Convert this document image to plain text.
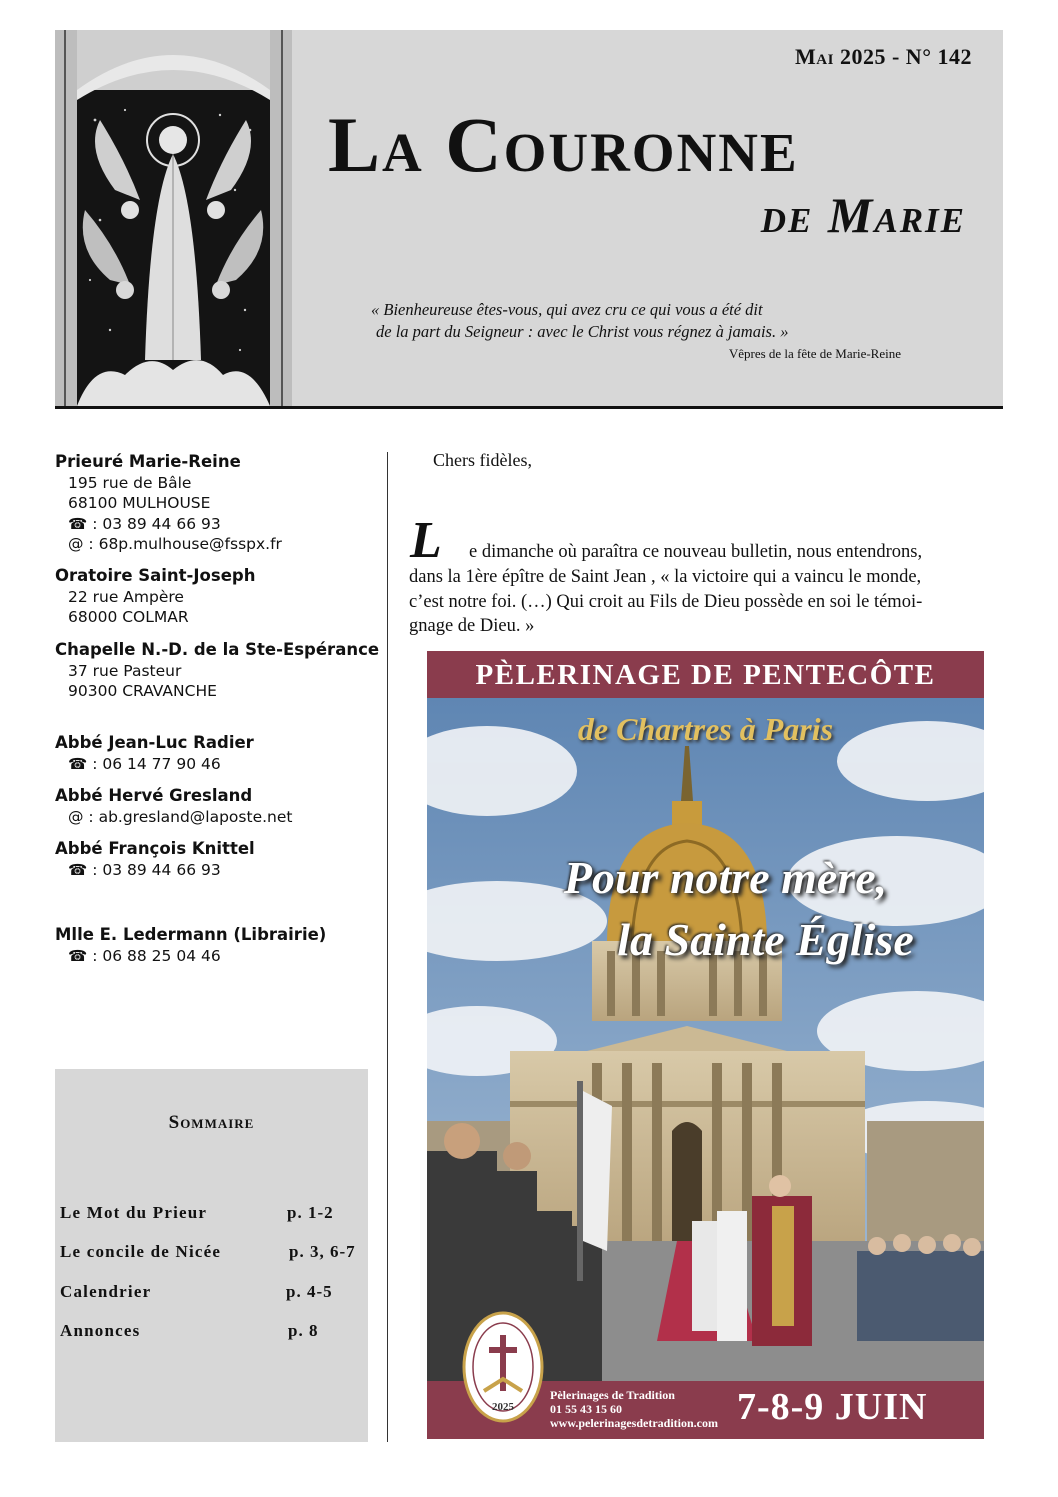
Mai 2025 - N° 142
La Couronne
de Marie
« Bienheureuse êtes-vous, qui avez cru ce qui vous a été dit
de la part du Seigneur : avec le Christ vous régnez à jamais. »
Vêpres de la fête de Marie-Reine
Prieuré Marie-Reine
195 rue de Bâle
68100 MULHOUSE
☎ : 03 89 44 66 93
@ : 68p.mulhouse@fsspx.fr
Oratoire Saint-Joseph
22 rue Ampère
68000 COLMAR
Chapelle N.-D. de la Ste-Espérance
37 rue Pasteur
90300 CRAVANCHE
Abbé Jean-Luc Radier
☎ : 06 14 77 90 46
Abbé Hervé Gresland
@ : ab.gresland@laposte.net
Abbé François Knittel
☎ : 03 89 44 66 93
Mlle E. Ledermann (Librairie)
☎ : 06 88 25 04 46
Sommaire
Le Mot du Prieur	p. 1-2
Le concile de Nicée	p. 3, 6-7
Calendrier	p. 4-5
Annonces	p. 8
Chers fidèles,
L e dimanche où paraîtra ce nouveau bulletin, nous entendrons,
dans la 1ère épître de Saint Jean , « la victoire qui a vaincu le monde,
c’est notre foi. (…) Qui croit au Fils de Dieu possède en soi le témoi-
gnage de Dieu. »
PÈLERINAGE DE PENTECÔTE
de Chartres à Paris
Pour notre mère,
la Sainte Église
Pèlerinages de Tradition
01 55 43 15 60
www.pelerinagesdetradition.com 7-8-9 JUIN
2025
